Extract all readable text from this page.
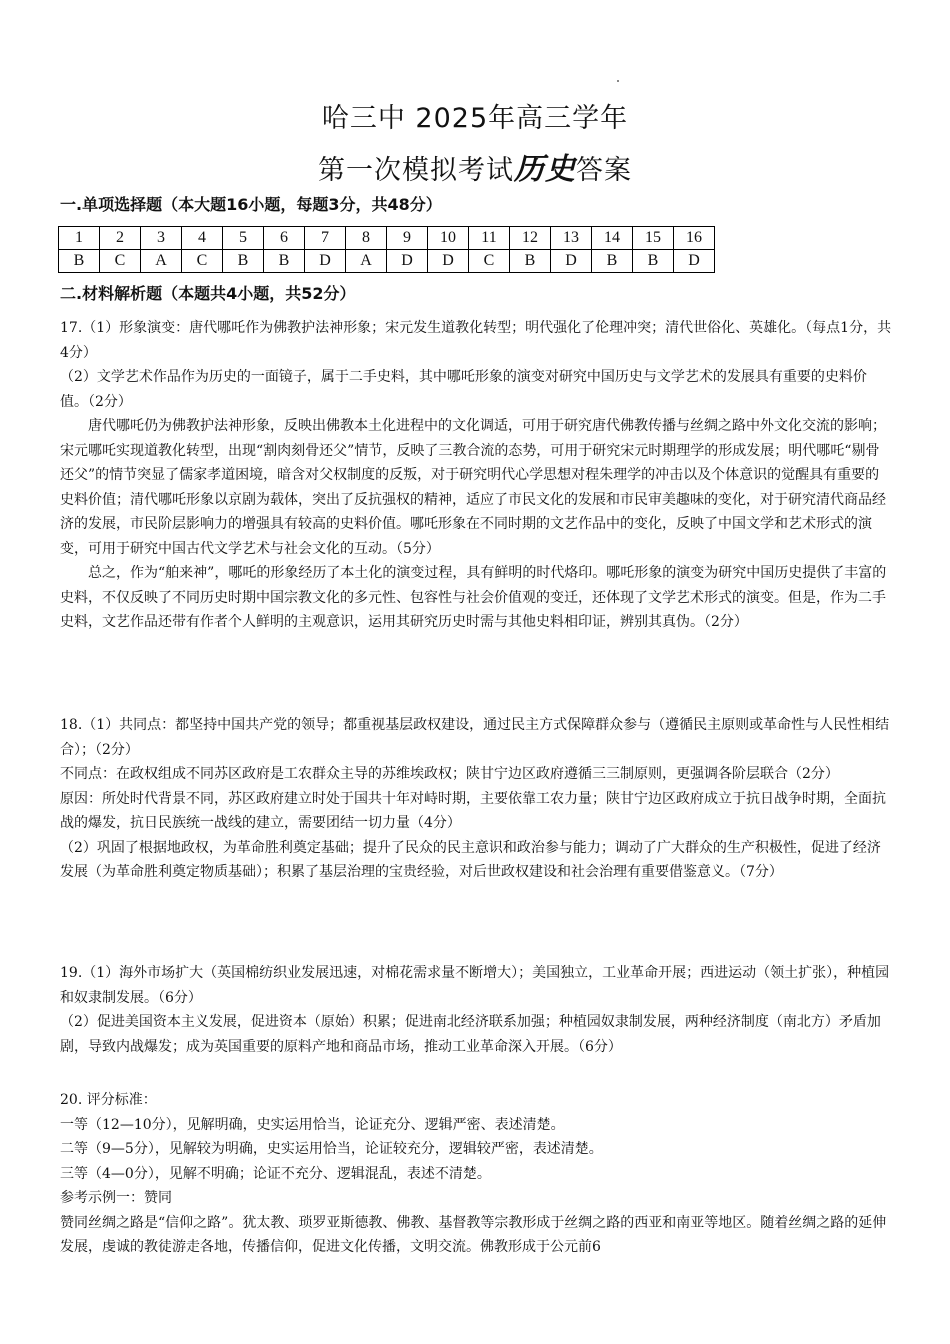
哈三中 2025年高三学年
第一次模拟考试历史答案
一.单项选择题（本大题16小题，每题3分，共48分）
1	2	3	4	5	6	7	8	9	10	11	12	13	14	15	16
B	C	A	C	B	B	D	A	D	D	C	B	D	B	B	D
二.材料解析题（本题共4小题，共52分）

17.（1）形象演变：唐代哪吒作为佛教护法神形象；宋元发生道教化转型；明代强化了伦理冲突；清代世俗化、英雄化。（每点1分，共4分）

（2）文学艺术作品作为历史的一面镜子，属于二手史料，其中哪吒形象的演变对研究中国历史与文学艺术的发展具有重要的史料价值。（2分）

唐代哪吒仍为佛教护法神形象，反映出佛教本土化进程中的文化调适，可用于研究唐代佛教传播与丝绸之路中外文化交流的影响；宋元哪吒实现道教化转型，出现“割肉刻骨还父”情节，反映了三教合流的态势，可用于研究宋元时期理学的形成发展；明代哪吒“剔骨还父”的情节突显了儒家孝道困境，暗含对父权制度的反叛，对于研究明代心学思想对程朱理学的冲击以及个体意识的觉醒具有重要的史料价值；清代哪吒形象以京剧为载体，突出了反抗强权的精神，适应了市民文化的发展和市民审美趣味的变化，对于研究清代商品经济的发展，市民阶层影响力的增强具有较高的史料价值。哪吒形象在不同时期的文艺作品中的变化，反映了中国文学和艺术形式的演变，可用于研究中国古代文学艺术与社会文化的互动。（5分）

总之，作为“舶来神”，哪吒的形象经历了本土化的演变过程，具有鲜明的时代烙印。哪吒形象的演变为研究中国历史提供了丰富的史料，不仅反映了不同历史时期中国宗教文化的多元性、包容性与社会价值观的变迁，还体现了文学艺术形式的演变。但是，作为二手史料，文艺作品还带有作者个人鲜明的主观意识，运用其研究历史时需与其他史料相印证，辨别其真伪。（2分）

18.（1）共同点：都坚持中国共产党的领导；都重视基层政权建设，通过民主方式保障群众参与（遵循民主原则或革命性与人民性相结合）；（2分）

不同点：在政权组成不同苏区政府是工农群众主导的苏维埃政权；陕甘宁边区政府遵循三三制原则，更强调各阶层联合（2分）

原因：所处时代背景不同，苏区政府建立时处于国共十年对峙时期，主要依靠工农力量；陕甘宁边区政府成立于抗日战争时期，全面抗战的爆发，抗日民族统一战线的建立，需要团结一切力量（4分）

（2）巩固了根据地政权，为革命胜利奠定基础；提升了民众的民主意识和政治参与能力；调动了广大群众的生产积极性，促进了经济发展（为革命胜利奠定物质基础）；积累了基层治理的宝贵经验，对后世政权建设和社会治理有重要借鉴意义。（7分）

19.（1）海外市场扩大（英国棉纺织业发展迅速，对棉花需求量不断增大）；美国独立，工业革命开展；西进运动（领土扩张），种植园和奴隶制发展。（6分）

（2）促进美国资本主义发展，促进资本（原始）积累；促进南北经济联系加强；种植园奴隶制发展，两种经济制度（南北方）矛盾加剧，导致内战爆发；成为英国重要的原料产地和商品市场，推动工业革命深入开展。（6分）

20. 评分标准：

一等（12—10分），见解明确，史实运用恰当，论证充分、逻辑严密、表述清楚。

二等（9—5分），见解较为明确，史实运用恰当，论证较充分，逻辑较严密，表述清楚。

三等（4—0分），见解不明确；论证不充分、逻辑混乱，表述不清楚。

参考示例一：赞同

赞同丝绸之路是“信仰之路”。犹太教、琐罗亚斯德教、佛教、基督教等宗教形成于丝绸之路的西亚和南亚等地区。随着丝绸之路的延伸发展，虔诚的教徒游走各地，传播信仰，促进文化传播，文明交流。佛教形成于公元前6
